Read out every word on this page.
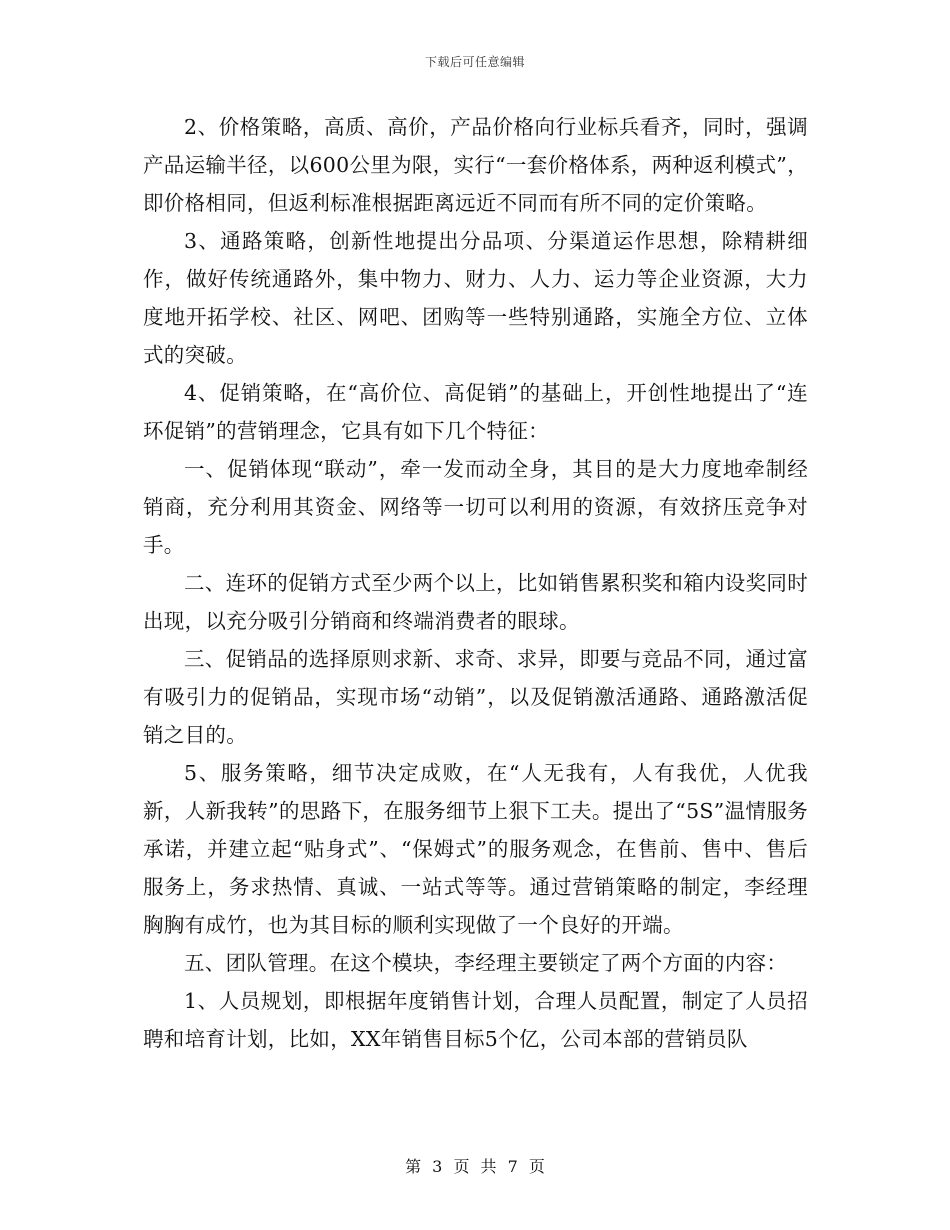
下载后可任意编辑

2、价格策略，高质、高价，产品价格向行业标兵看齐，同时，强调产品运输半径，以600公里为限，实行“一套价格体系，两种返利模式”，即价格相同，但返利标准根据距离远近不同而有所不同的定价策略。

3、通路策略，创新性地提出分品项、分渠道运作思想，除精耕细作，做好传统通路外，集中物力、财力、人力、运力等企业资源，大力度地开拓学校、社区、网吧、团购等一些特别通路，实施全方位、立体式的突破。

4、促销策略，在“高价位、高促销”的基础上，开创性地提出了“连环促销”的营销理念，它具有如下几个特征：

一、促销体现“联动”，牵一发而动全身，其目的是大力度地牵制经销商，充分利用其资金、网络等一切可以利用的资源，有效挤压竞争对手。

二、连环的促销方式至少两个以上，比如销售累积奖和箱内设奖同时出现，以充分吸引分销商和终端消费者的眼球。

三、促销品的选择原则求新、求奇、求异，即要与竞品不同，通过富有吸引力的促销品，实现市场“动销”，以及促销激活通路、通路激活促销之目的。

5、服务策略，细节决定成败，在“人无我有，人有我优，人优我新，人新我转”的思路下，在服务细节上狠下工夫。提出了“5S”温情服务承诺，并建立起“贴身式”、“保姆式”的服务观念，在售前、售中、售后服务上，务求热情、真诚、一站式等等。通过营销策略的制定，李经理胸胸有成竹，也为其目标的顺利实现做了一个良好的开端。

五、团队管理。在这个模块，李经理主要锁定了两个方面的内容：

1、人员规划，即根据年度销售计划，合理人员配置，制定了人员招聘和培育计划，比如，XX年销售目标5个亿，公司本部的营销员队

第 3 页 共 7 页
